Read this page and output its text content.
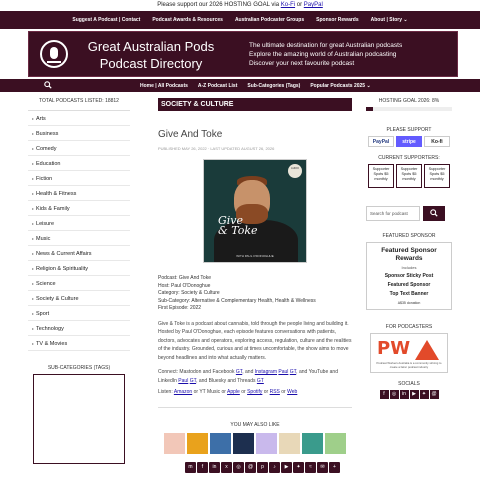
Please support our 2026 HOSTING GOAL via Ko-Fi or PayPal
Suggest A Podcast | Contact Podcast Awards & Resources Australian Podcaster Groups Sponsor Rewards About | Story ⌄
Great Australian Pods
Podcast Directory
The ultimate destination for great Australian podcasts
Explore the amazing world of Australian podcasting
Discover your next favourite podcast
Home | All Podcasts A-Z Podcast List Sub-Categories (Tags) Popular Podcasts 2025 ⌄
TOTAL PODCASTS LISTED: 18812
▸ Arts
▸ Business
▸ Comedy
▸ Education
▸ Fiction
▸ Health & Fitness
▸ Kids & Family
▸ Leisure
▸ Music
▸ News & Current Affairs
▸ Religion & Spirituality
▸ Science
▸ Society & Culture
▸ Sport
▸ Technology
▸ TV & Movies
SUB-CATEGORIES (TAGS)
SOCIETY & CULTURE
Give And Toke
PUBLISHED MAY 26, 2022 · LAST UPDATED AUGUST 26, 2026
AUDIO
Give
& Toke
WITH PAUL O'DONOGHUE
Podcast: Give And Toke
Host: Paul O'Donoghue
Category: Society & Culture
Sub-Category: Alternative & Complementary Health, Health & Wellness
First Episode: 2022
Give & Toke is a podcast about cannabis, told through the people living and building it. Hosted by Paul O'Donoghue, each episode features conversations with patients, doctors, advocates and operators, exploring access, regulation, culture and the realities of the industry. Grounded, curious and at times uncomfortable, the show aims to move beyond headlines and into what actually matters.
Connect: Mastodon and Facebook GT, and Instagram Paul GT, and YouTube and LinkedIn Paul GT, and Bluesky and Threads GT
Listen: Amazon or YT Music or Apple or Spotify or RSS or Web
YOU MAY ALSO LIKE
HOSTING GOAL 2026: 8%
PLEASE SUPPORT
PayPal	stripe	Ko-fi
CURRENT SUPPORTERS:
Supporter Spots $5 monthly
Supporter Spots $5 monthly
Supporter Spots $5 monthly
Search for podcast
FEATURED SPONSOR
Featured Sponsor Rewards
Includes
Sponsor Sticky Post
Featured Sponsor
Top Text Banner
A$35 donation
FOR PODCASTERS
PW
Podcast Workers Australia is a community striving to create a fairer podcast industry
SOCIALS
f	◎	in	▶	✦	@
m	f	in	x	◎	@	p	♪	▶	✦	≈	✉	+
